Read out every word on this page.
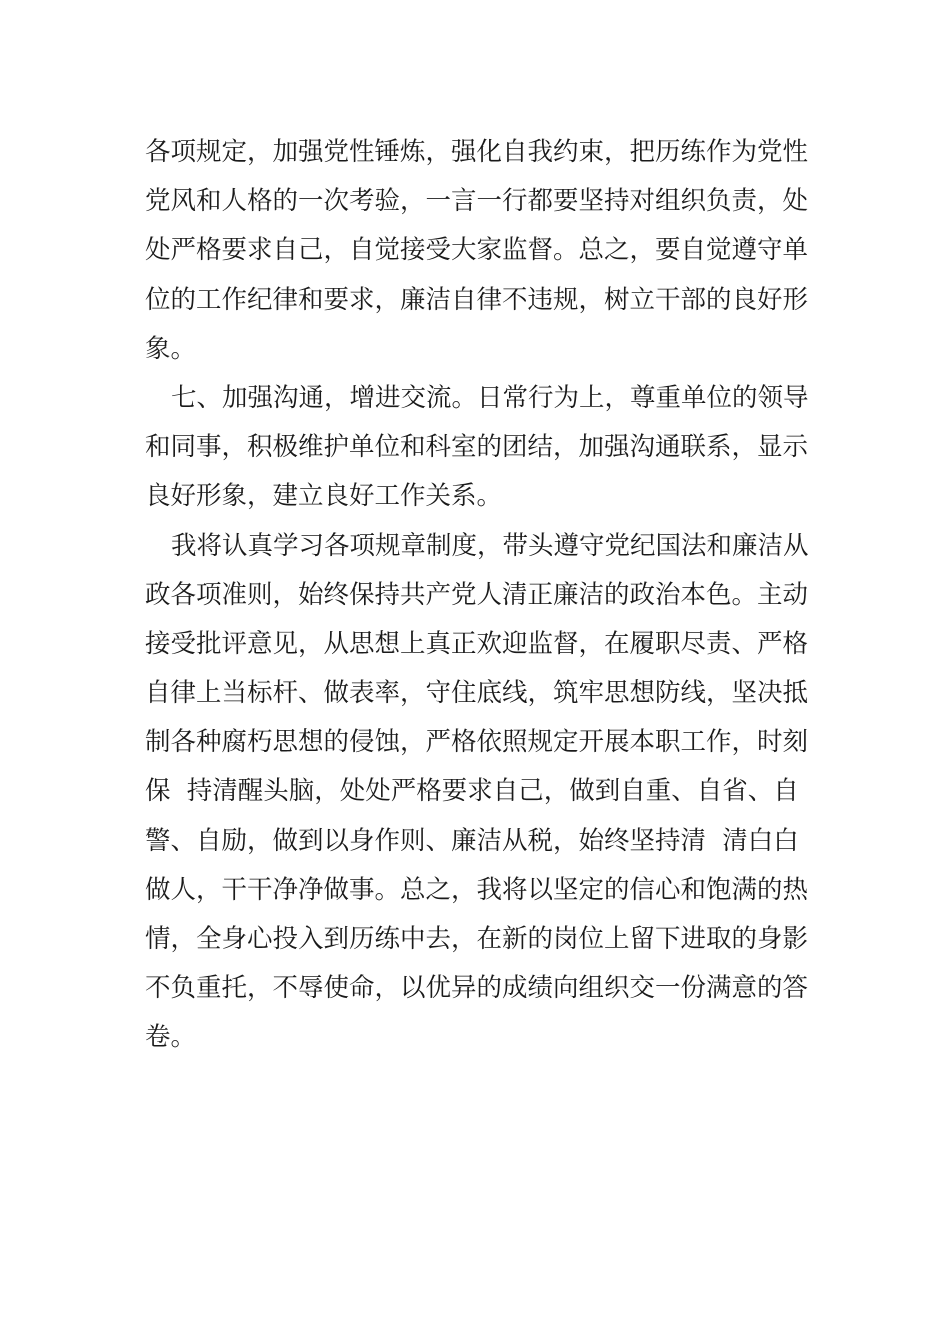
各项规定，加强党性锤炼，强化自我约束，把历练作为党性
党风和人格的一次考验，一言一行都要坚持对组织负责，处
处严格要求自己，自觉接受大家监督。总之，要自觉遵守单
位的工作纪律和要求，廉洁自律不违规，树立干部的良好形
象。
七、加强沟通，增进交流。日常行为上，尊重单位的领导
和同事，积极维护单位和科室的团结，加强沟通联系，显示
良好形象，建立良好工作关系。
我将认真学习各项规章制度，带头遵守党纪国法和廉洁从
政各项准则，始终保持共产党人清正廉洁的政治本色。主动
接受批评意见，从思想上真正欢迎监督，在履职尽责、严格
自律上当标杆、做表率，守住底线，筑牢思想防线，坚决抵
制各种腐朽思想的侵蚀，严格依照规定开展本职工作，时刻
保  持清醒头脑，处处严格要求自己，做到自重、自省、自
警、自励，做到以身作则、廉洁从税，始终坚持清  清白白
做人，干干净净做事。总之，我将以坚定的信心和饱满的热
情，全身心投入到历练中去，在新的岗位上留下进取的身影
不负重托，不辱使命，以优异的成绩向组织交一份满意的答
卷。
